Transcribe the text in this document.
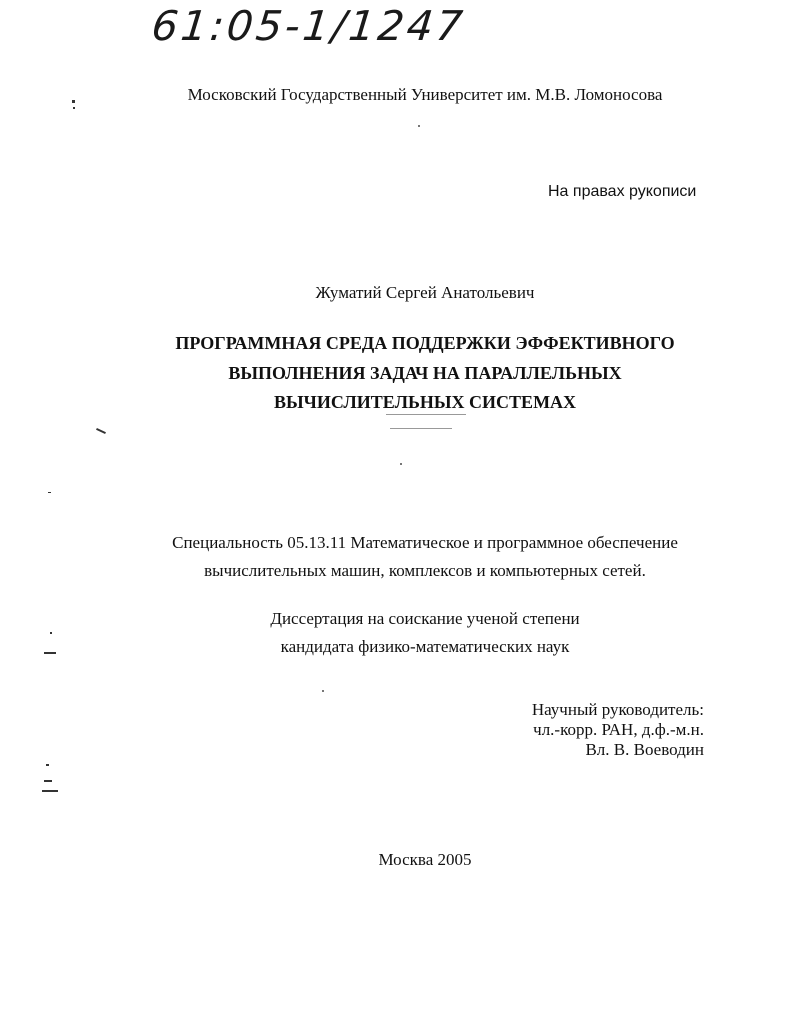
61:05-1/1247
Московский Государственный Университет им. М.В. Ломоносова
На правах рукописи
Жуматий Сергей Анатольевич
ПРОГРАММНАЯ СРЕДА ПОДДЕРЖКИ ЭФФЕКТИВНОГО
ВЫПОЛНЕНИЯ ЗАДАЧ НА ПАРАЛЛЕЛЬНЫХ
ВЫЧИСЛИТЕЛЬНЫХ СИСТЕМАХ
Специальность 05.13.11 Математическое и программное обеспечение
вычислительных машин, комплексов и компьютерных сетей.
Диссертация на соискание ученой степени
кандидата физико-математических наук
Научный руководитель:
чл.-корр. РАН, д.ф.-м.н.
Вл. В. Воеводин
Москва 2005
